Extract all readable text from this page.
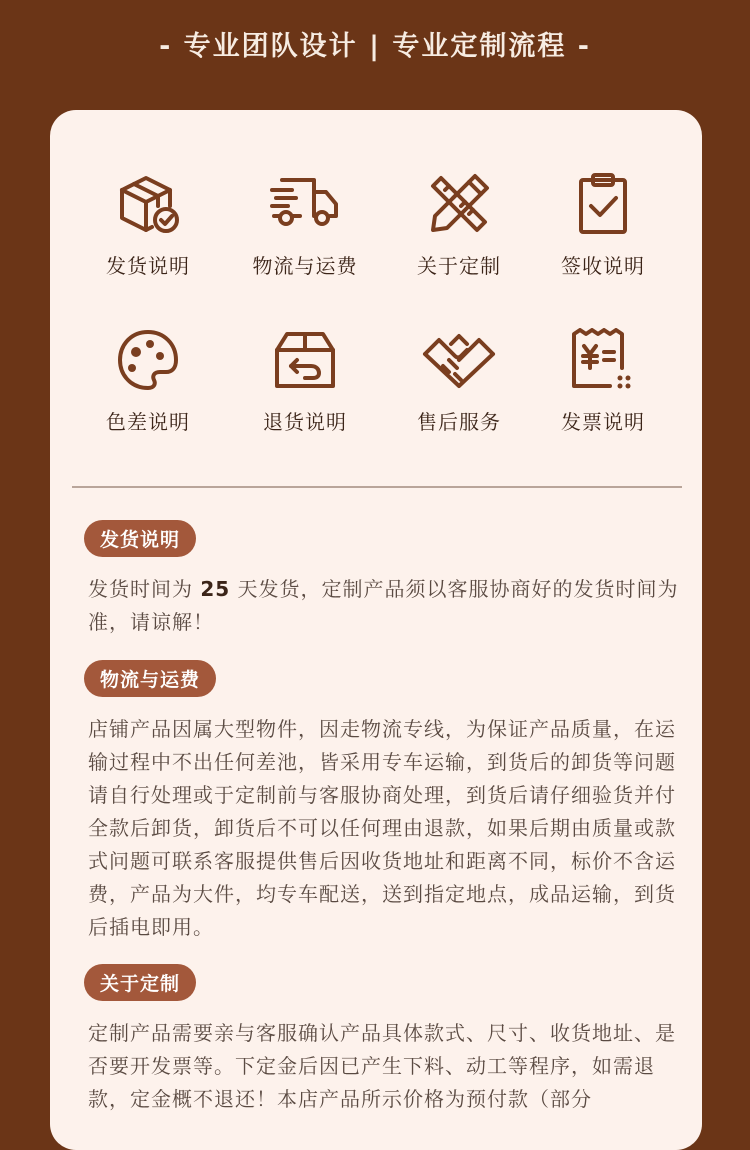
- 专业团队设计 | 专业定制流程 -
发货说明	物流与运费	关于定制	签收说明
色差说明	退货说明	售后服务	发票说明
发货说明
发货时间为 25 天发货，定制产品须以客服协商好的发货时间为准，请谅解！
物流与运费
店铺产品因属大型物件，因走物流专线，为保证产品质量，在运输过程中不出任何差池，皆采用专车运输，到货后的卸货等问题请自行处理或于定制前与客服协商处理，到货后请仔细验货并付全款后卸货，卸货后不可以任何理由退款，如果后期由质量或款式问题可联系客服提供售后因收货地址和距离不同，标价不含运费，产品为大件，均专车配送，送到指定地点，成品运输，到货后插电即用。
关于定制
定制产品需要亲与客服确认产品具体款式、尺寸、收货地址、是否要开发票等。下定金后因已产生下料、动工等程序，如需退款，定金概不退还！本店产品所示价格为预付款（部分
